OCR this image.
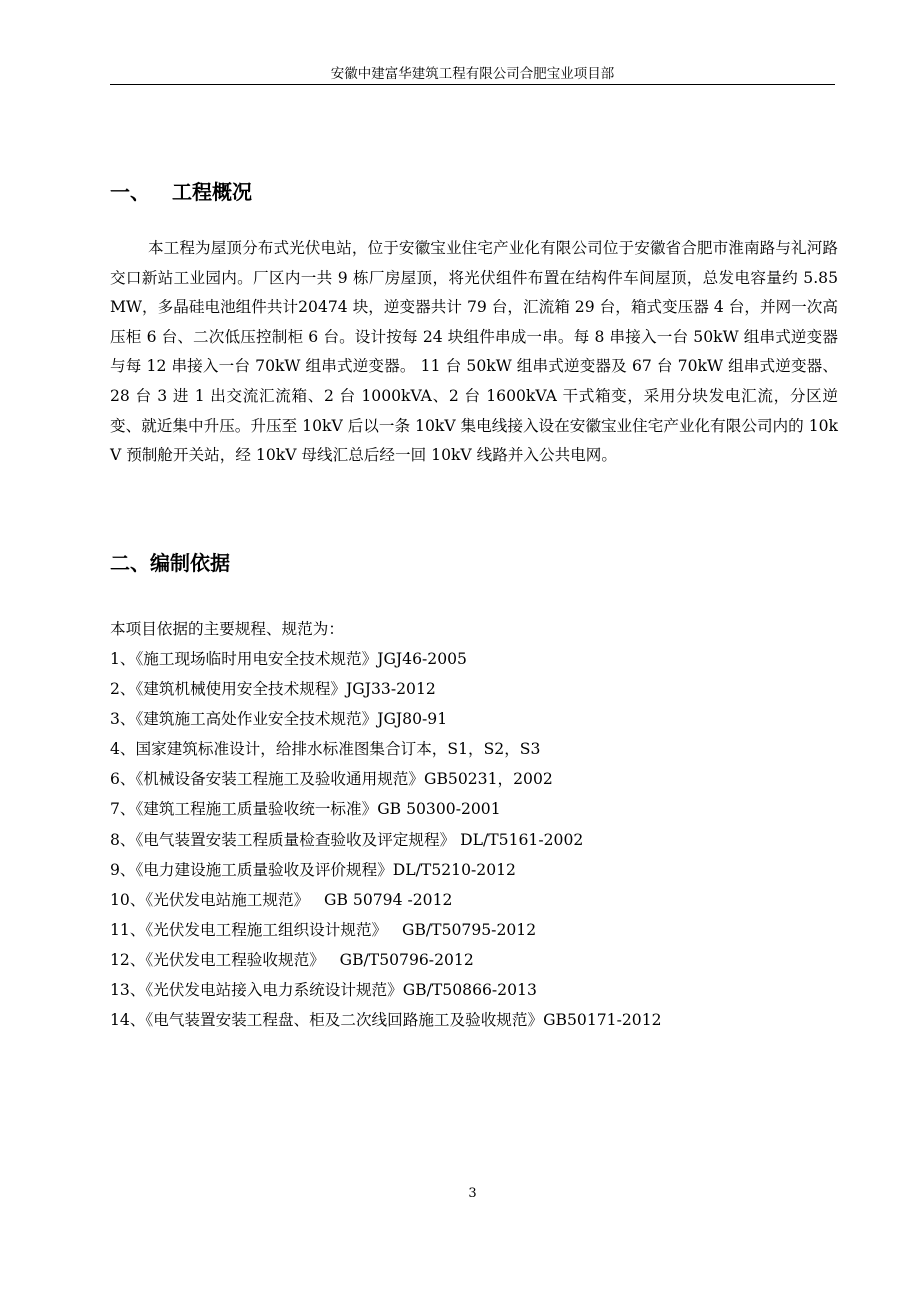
安徽中建富华建筑工程有限公司合肥宝业项目部
一、 工程概况
本工程为屋顶分布式光伏电站，位于安徽宝业住宅产业化有限公司位于安徽省合肥市淮南路与礼河路交口新站工业园内。厂区内一共 9 栋厂房屋顶，将光伏组件布置在结构件车间屋顶，总发电容量约 5.85MW，多晶硅电池组件共计20474 块，逆变器共计 79 台，汇流箱 29 台，箱式变压器 4 台，并网一次高压柜 6 台、二次低压控制柜 6 台。设计按每 24 块组件串成一串。每 8 串接入一台 50kW 组串式逆变器与每 12 串接入一台 70kW 组串式逆变器。 11 台 50kW 组串式逆变器及 67 台 70kW 组串式逆变器、28 台 3 进 1 出交流汇流箱、2 台 1000kVA、2 台 1600kVA 干式箱变，采用分块发电汇流，分区逆变、就近集中升压。升压至 10kV 后以一条 10kV 集电线接入设在安徽宝业住宅产业化有限公司内的 10kV 预制舱开关站，经 10kV 母线汇总后经一回 10kV 线路并入公共电网。
二、编制依据
本项目依据的主要规程、规范为：
1、《施工现场临时用电安全技术规范》JGJ46-2005
2、《建筑机械使用安全技术规程》JGJ33-2012
3、《建筑施工高处作业安全技术规范》JGJ80-91
4、国家建筑标准设计，给排水标准图集合订本，S1，S2，S3
6、《机械设备安装工程施工及验收通用规范》GB50231，2002
7、《建筑工程施工质量验收统一标准》GB 50300-2001
8、《电气装置安装工程质量检查验收及评定规程》 DL/T5161-2002
9、《电力建设施工质量验收及评价规程》DL/T5210-2012
10、《光伏发电站施工规范》   GB 50794 -2012
11、《光伏发电工程施工组织设计规范》   GB/T50795-2012
12、《光伏发电工程验收规范》   GB/T50796-2012
13、《光伏发电站接入电力系统设计规范》GB/T50866-2013
14、《电气装置安装工程盘、柜及二次线回路施工及验收规范》GB50171-2012
3
